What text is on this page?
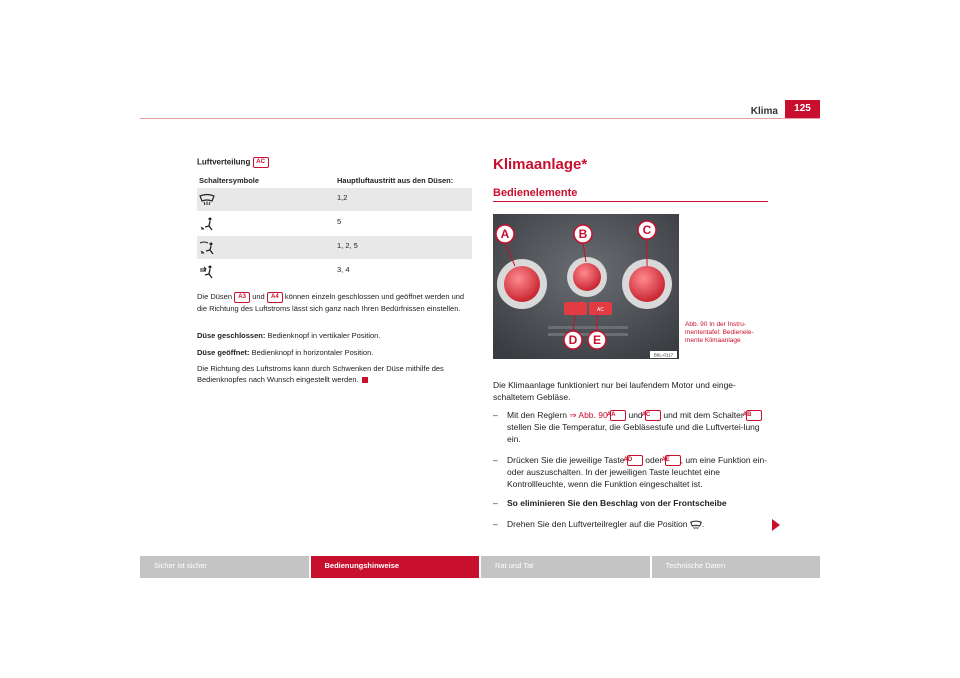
Klima	125
Luftverteilung AC
Schaltersymbole	Hauptluftaustritt aus den Düsen:
1,2
5
1, 2, 5
3, 4
Die Düsen A3 und A4 können einzeln geschlossen und geöffnet werden und die Richtung des Luftstroms lässt sich ganz nach Ihren Bedürfnissen einstellen.
Düse geschlossen: Bedienknopf in vertikaler Position.
Düse geöffnet: Bedienknopf in horizontaler Position.
Die Richtung des Luftstroms kann durch Schwenken der Düse mithilfe des Bedienknopfes nach Wunsch eingestellt werden.
Klimaanlage*
Bedienelemente
AC
A	B	C
D E
B6L-0117
Abb. 90 In der Instru-mententafel: Bedienele-mente Klimaanlage
Die Klimaanlage funktioniert nur bei laufendem Motor und einge-schaltetem Gebläse.
– Mit den Reglern ⇒ Abb. 90 AA und AC und mit dem Schalter AB stellen Sie die Temperatur, die Gebläsestufe und die Luftvertei-lung ein.
– Drücken Sie die jeweilige Taste AD oder AE , um eine Funktion ein- oder auszuschalten. In der jeweiligen Taste leuchtet eine Kontrollleuchte, wenn die Funktion eingeschaltet ist.
– So eliminieren Sie den Beschlag von der Frontscheibe
– Drehen Sie den Luftverteilregler auf die Position .
Sicher ist sicher	Bedienungshinweise	Rat und Tat	Technische Daten
